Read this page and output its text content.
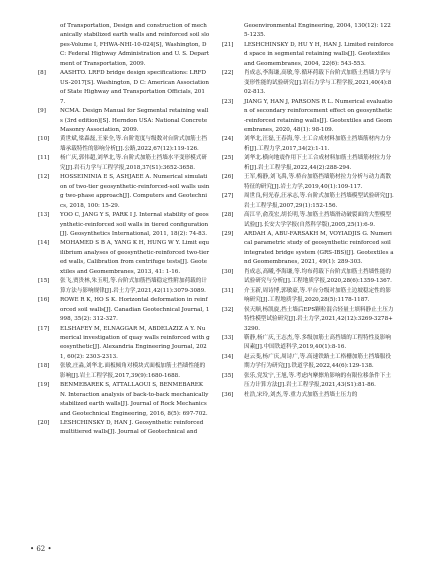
of Transportation, Design and construction of mechanically stabilized earth walls and reinforced soil slopes-Volume I, FHWA-NHI-10-024[S], Washington, D C: Federal Highway Administration and U. S. Department of Transportation, 2009.
[8]	AASHTO. LRFD bridge design specifications: LRFDUS-2017[S]. Washington, D C: American Association of State Highway and Transportation Officials, 2017.
[9]	NCMA. Design Manual for Segmental retaining walls (3rd edition)[S]. Herndon USA: National Concrete Masonry Association, 2009.
[10]	黄世斌,梁森磊,王家全,等.台阶宽度与级数对台阶式加筋土挡墙承载特性的影响分析[J].公路,2022,67(12):119-126.
[11]	杨广庆,郭伟超,刘华北,等.台阶式加筋土挡墙水平变形模式研究[J].岩石力学与工程学报,2018,37(S1):3652-3658.
[12]	HOSSEININIA E S, ASHJAEE A. Numerical simulation of two-tier geosynthetic-reinforced-soil walls using two-phase approach[J]. Computers and Geotechnics, 2018, 100: 15-29.
[13]	YOO C, JANG Y S, PARK I J. Internal stability of geosynthetic-reinforced soil walls in tiered configuration[J]. Geosynthetics International, 2011, 18(2): 74-83.
[14]	MOHAMED S B A, YANG K H, HUNG W Y. Limit equilibrium analyses of geosynthetic-reinforced two-tiered walls, Calibration from centrifuge tests[J]. Geotextiles and Geomembranes, 2013, 41: 1-16.
[15]	张飞,贾贵林,朱玉明,等.台阶式加筋挡墙稳定性附加荷载的计算方法与影响规律[J].岩土力学,2021,42(11):3079-3089.
[16]	ROWE R K, HO S K. Horizontal deformation in reinforced soil walls[J]. Canadian Geotechnical Journal, 1998, 35(2): 312-327.
[17]	ELSHAFEY M, ELNAGGAR M, ABDELAZIZ A Y. Numerical investigation of quay walls reinforced with geosynthetic[J]. Alexandria Engineering Journal, 2021, 60(2): 2303-2313.
[18]	张敏,庄淼,刘华北.面板倾角对模块式面板加筋土挡墙性能的影响[J].岩土工程学报,2017,39(9):1680-1688.
[19]	BENMEBAREK S, ATTALLAOUI S, BENMEBAREK N. Interaction analysis of back-to-back mechanically stabilized earth walls[J]. Journal of Rock Mechanics and Geotechnical Engineering, 2016, 8(5): 697-702.
[20]	LESHCHINSKY D, HAN J. Geosynthetic reinforced multitiered walls[J]. Journal of Geotechnical and
Geoenvironmental Engineering, 2004, 130(12): 1225-1235.
[21]	LESHCHINSKY D, HU Y H, HAN J. Limited reinforced space in segmental retaining walls[J]. Geotextiles and Geomembranes, 2004, 22(6): 543-553.
[22]	肖成志,李海谦,高敏,等.循环荷载下台阶式加筋土挡墙力学与变形性能的试验研究[J].岩石力学与工程学报,2021,40(4):802-813.
[23]	JIANG Y, HAN J, PARSONS R L. Numerical evaluation of secondary reinforcement effect on geosynthetic-reinforced retaining walls[J]. Geotextiles and Geomembranes, 2020, 48(1): 98-109.
[24]	刘华北,汪磊,王春海,等.土工合成材料加筋土挡墙筋材内力分析[J].工程力学,2017,34(2):1-11.
[25]	刘华北.横向地震作用下土工合成材料加筋土挡墙筋材拉力分析[J].岩土工程学报,2022,44(2):288-294.
[26]	王军,梅静,刘飞禹,等.桥台加筋挡墙筋材拉力分析与动力离散特征的研究[J].岩土力学,2019,40(1):109-117.
[27]	周世良,何光春,汪承志,等.台阶式加筋土挡墙模型试验研究[J].岩土工程学报,2007,29(1):152-156.
[28]	高江平,俞茂宏,胡长明,等.加筋土挡墙滑动破裂面的大型模型试验[J].长安大学学报(自然科学版),2005,25(1):6-9.
[29]	ARDAH A, ABU-FARSAKH M, VOYIADJIS G. Numerical parametric study of geosynthetic reinforced soil integrated bridge system (GRS-IBS)[J]. Geotextiles and Geomembranes, 2021, 49(1): 289-303.
[30]	肖成志,高曦,李海谦,等.均布荷载下台阶式加筋土挡墙性能的试验研究与分析[J].工程地质学报,2020,28(6):1359-1367.
[31]	介玉新,周诗博,郭敏豪,等.平台分级对加筋土边坡稳定性的影响研究[J].工程地质学报,2020,28(5):1178-1187.
[32]	侯天顺,杨凯旋,挡土墙后EPS颗粒混合轻量土填料静止土压力特性模型试验研究[J].岩土力学,2021,42(12):3269-3278+3290.
[33]	靳静,杨广庆,王志杰,等.多级加筋土高挡墙的工程特性及影响因素[J].中国铁道科学,2019,40(1):8-16.
[34]	赵云斐,杨广庆,周诗广,等.高速铁路土工格栅加筋土挡墙服役期力学行为研究[J].铁道学报,2022,44(6):129-138.
[35]	张乐,党发宁,王旭,等.考虑内摩擦角影响的有限位移条件下土压力计算方法[J].岩土工程学报,2021,43(S1):81-86.
[36]	杜浩,宋玲,刘杰,等.重力式加筋土挡墙土压力的
• 62 •
